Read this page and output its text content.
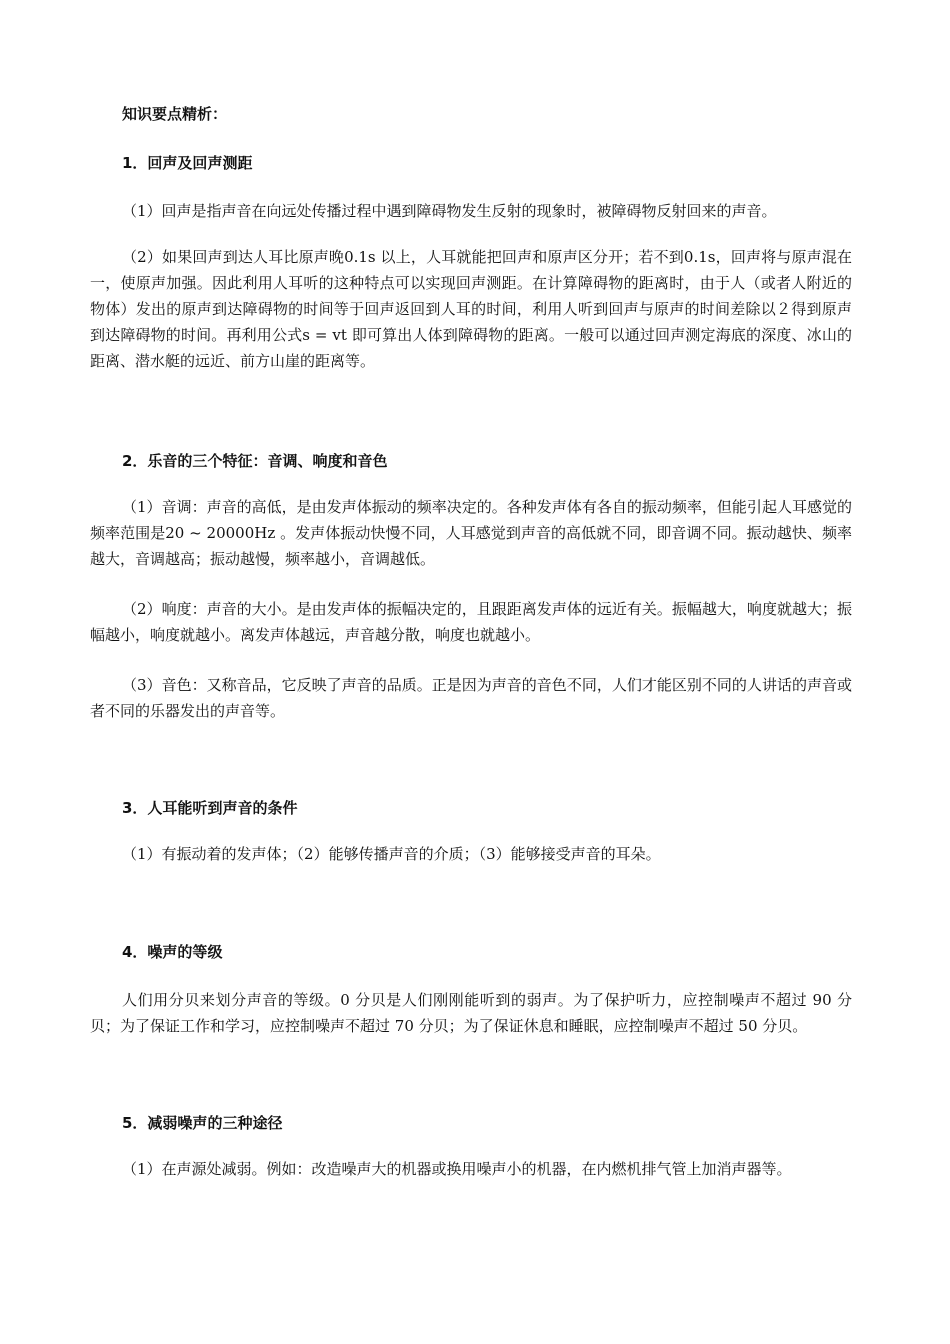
知识要点精析：
1．回声及回声测距
（1）回声是指声音在向远处传播过程中遇到障碍物发生反射的现象时，被障碍物反射回来的声音。
（2）如果回声到达人耳比原声晚0.1s 以上，人耳就能把回声和原声区分开；若不到0.1s，回声将与原声混在一，使原声加强。因此利用人耳听的这种特点可以实现回声测距。在计算障碍物的距离时，由于人（或者人附近的物体）发出的原声到达障碍物的时间等于回声返回到人耳的时间，利用人听到回声与原声的时间差除以２得到原声到达障碍物的时间。再利用公式s = vt 即可算出人体到障碍物的距离。一般可以通过回声测定海底的深度、冰山的距离、潜水艇的远近、前方山崖的距离等。
2．乐音的三个特征：音调、响度和音色
（1）音调：声音的高低，是由发声体振动的频率决定的。各种发声体有各自的振动频率，但能引起人耳感觉的频率范围是20 ~ 20000Hz 。发声体振动快慢不同，人耳感觉到声音的高低就不同，即音调不同。振动越快、频率越大，音调越高；振动越慢，频率越小，音调越低。
（2）响度：声音的大小。是由发声体的振幅决定的，且跟距离发声体的远近有关。振幅越大，响度就越大；振幅越小，响度就越小。离发声体越远，声音越分散，响度也就越小。
（3）音色：又称音品，它反映了声音的品质。正是因为声音的音色不同，人们才能区别不同的人讲话的声音或者不同的乐器发出的声音等。
3．人耳能听到声音的条件
（1）有振动着的发声体；（2）能够传播声音的介质；（3）能够接受声音的耳朵。
4．噪声的等级
人们用分贝来划分声音的等级。0 分贝是人们刚刚能听到的弱声。为了保护听力，应控制噪声不超过 90 分贝；为了保证工作和学习，应控制噪声不超过 70 分贝；为了保证休息和睡眠，应控制噪声不超过 50 分贝。
5．减弱噪声的三种途径
（1）在声源处减弱。例如：改造噪声大的机器或换用噪声小的机器，在内燃机排气管上加消声器等。
